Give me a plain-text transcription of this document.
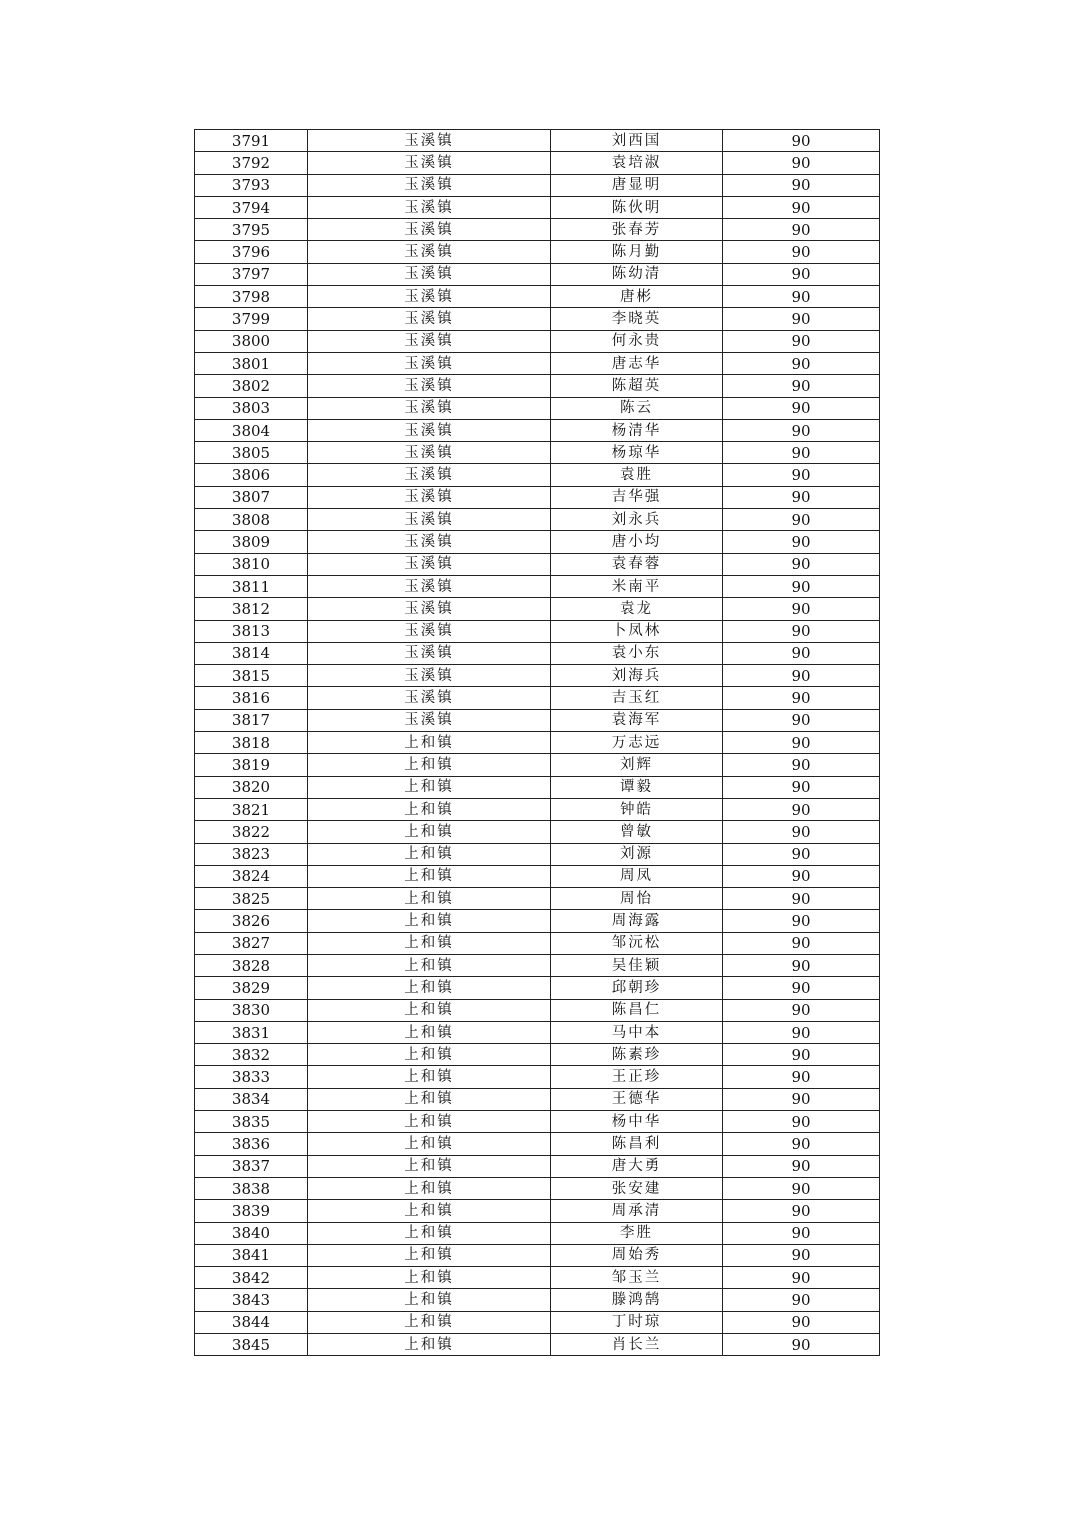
3791	玉溪镇	刘西国	90
3792	玉溪镇	袁培淑	90
3793	玉溪镇	唐显明	90
3794	玉溪镇	陈伙明	90
3795	玉溪镇	张春芳	90
3796	玉溪镇	陈月勤	90
3797	玉溪镇	陈幼清	90
3798	玉溪镇	唐彬	90
3799	玉溪镇	李晓英	90
3800	玉溪镇	何永贵	90
3801	玉溪镇	唐志华	90
3802	玉溪镇	陈超英	90
3803	玉溪镇	陈云	90
3804	玉溪镇	杨清华	90
3805	玉溪镇	杨琼华	90
3806	玉溪镇	袁胜	90
3807	玉溪镇	吉华强	90
3808	玉溪镇	刘永兵	90
3809	玉溪镇	唐小均	90
3810	玉溪镇	袁春蓉	90
3811	玉溪镇	米南平	90
3812	玉溪镇	袁龙	90
3813	玉溪镇	卜凤林	90
3814	玉溪镇	袁小东	90
3815	玉溪镇	刘海兵	90
3816	玉溪镇	吉玉红	90
3817	玉溪镇	袁海军	90
3818	上和镇	万志远	90
3819	上和镇	刘辉	90
3820	上和镇	谭毅	90
3821	上和镇	钟皓	90
3822	上和镇	曾敏	90
3823	上和镇	刘源	90
3824	上和镇	周凤	90
3825	上和镇	周怡	90
3826	上和镇	周海露	90
3827	上和镇	邹沅松	90
3828	上和镇	吴佳颖	90
3829	上和镇	邱朝珍	90
3830	上和镇	陈昌仁	90
3831	上和镇	马中本	90
3832	上和镇	陈素珍	90
3833	上和镇	王正珍	90
3834	上和镇	王德华	90
3835	上和镇	杨中华	90
3836	上和镇	陈昌利	90
3837	上和镇	唐大勇	90
3838	上和镇	张安建	90
3839	上和镇	周承清	90
3840	上和镇	李胜	90
3841	上和镇	周始秀	90
3842	上和镇	邹玉兰	90
3843	上和镇	滕鸿鹄	90
3844	上和镇	丁时琼	90
3845	上和镇	肖长兰	90
